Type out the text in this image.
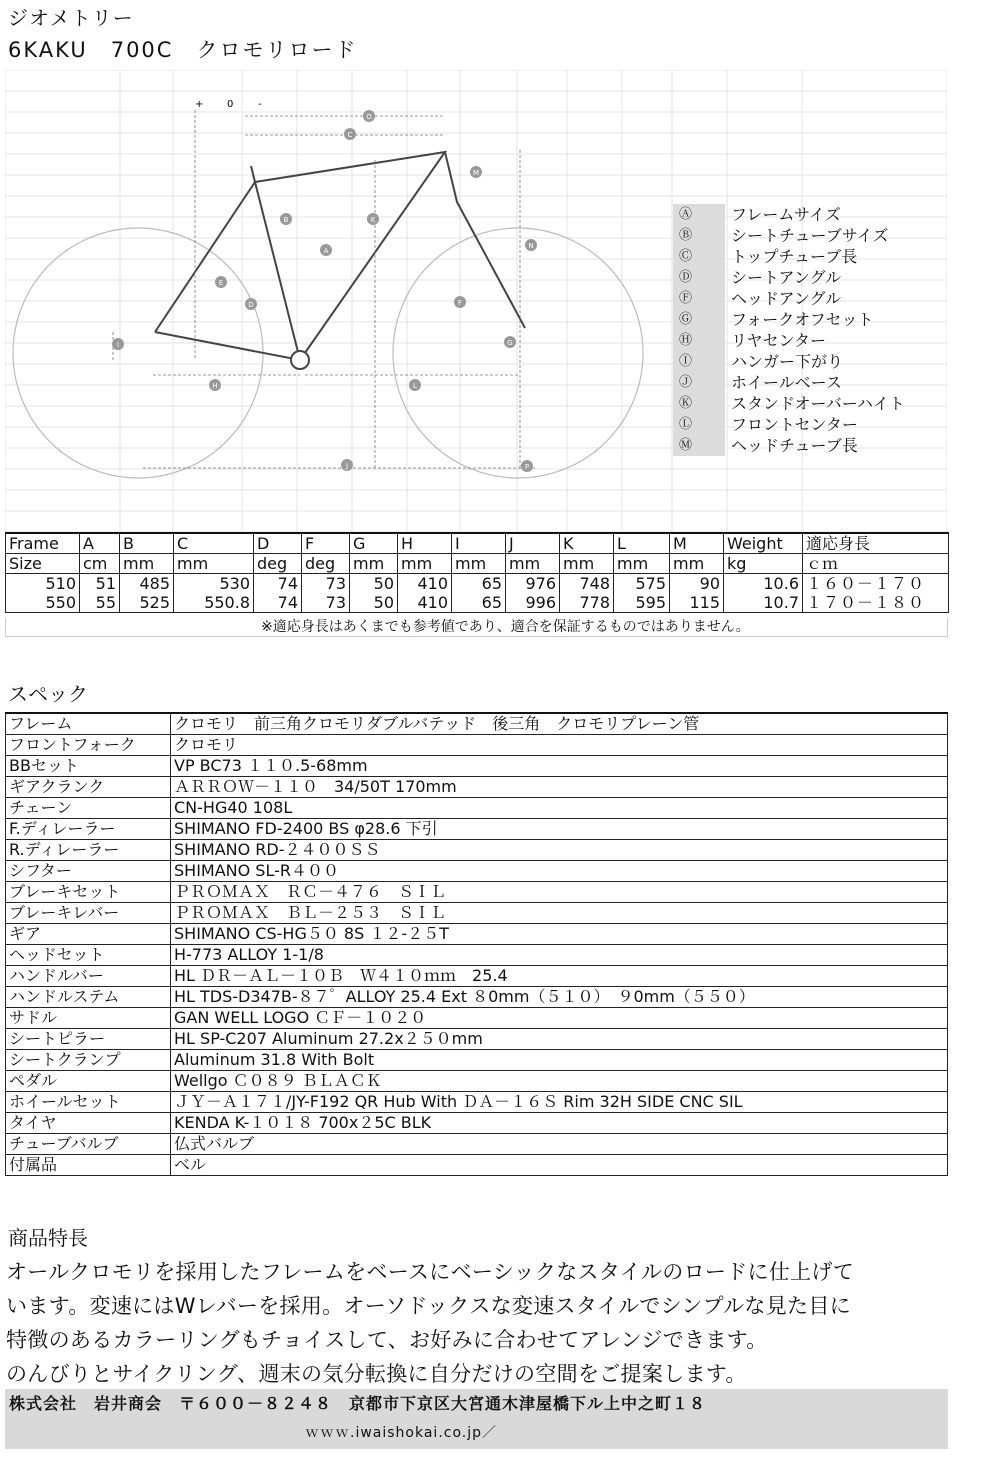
ジオメトリー
6KAKU　700C　クロモリロード
A
B
C
D
E
F
G
H
I
J
K
L
M
N
O
P
+ 0 -
Ⓐ	フレームサイズ
Ⓑ	シートチューブサイズ
Ⓒ	トップチューブ長
Ⓓ	シートアングル
Ⓕ	ヘッドアングル
Ⓖ	フォークオフセット
Ⓗ	リヤセンター
Ⓘ	ハンガー下がり
Ⓙ	ホイールベース
Ⓚ	スタンドオーバーハイト
Ⓛ	フロントセンター
Ⓜ	ヘッドチューブ長
Frame	A	B	C	D	F	G	H	I	J	K	L	M	Weight	適応身長
Size	cm	mm	mm	deg	deg	mm	mm	mm	mm	mm	mm	mm	kg	ｃｍ
510	51	485	530	74	73	50	410	65	976	748	575	90	10.6	１６０－１７０
550	55	525	550.8	74	73	50	410	65	996	778	595	115	10.7	１７０－１８０
※適応身長はあくまでも参考値であり、適合を保証するものではありません。
スペック
フレーム	クロモリ　前三角クロモリダブルバテッド　後三角　クロモリプレーン管
フロントフォーク	クロモリ
BBセット	VP BC73 １１０.5-68mm
ギアクランク	ＡＲＲＯＷ－１１０　34/50T 170mm
チェーン	CN-HG40 108L
F.ディレーラー	SHIMANO FD-2400 BS φ28.6 下引
R.ディレーラー	SHIMANO RD-２４００ＳＳ
シフター	SHIMANO SL-R４００
ブレーキセット	ＰＲＯＭＡＸ　ＲＣ－４７６　ＳＩＬ
ブレーキレバー	ＰＲＯＭＡＸ　ＢＬ－２５３　ＳＩＬ
ギア	SHIMANO CS-HG５０ 8S １２-２５T
ヘッドセット	H-773 ALLOY 1-1/8
ハンドルバー	HL ＤＲ－ＡＬ－１０Ｂ　Ｗ４１０ｍｍ　25.4
ハンドルステム	HL TDS-D347B-８７゜ALLOY 25.4 Ext ８0mm（５１０）　９0mm（５５０）
サドル	GAN WELL LOGO ＣＦ－１０２０
シートピラー	HL SP-C207 Aluminum 27.2x２５０mm
シートクランプ	Aluminum 31.8 With Bolt
ペダル	Wellgo Ｃ０８９ ＢＬＡＣＫ
ホイールセット	ＪＹ－Ａ１７１/JY-F192 QR Hub With ＤＡ－１６Ｓ Rim 32H SIDE CNC SIL
タイヤ	KENDA K-１０１８ 700x２5C BLK
チューブバルブ	仏式バルブ
付属品	ベル
商品特長
オールクロモリを採用したフレームをベースにベーシックなスタイルのロードに仕上げて
います。変速にはWレバーを採用。オーソドックスな変速スタイルでシンプルな見た目に
特徴のあるカラーリングもチョイスして、お好みに合わせてアレンジできます。
のんびりとサイクリング、週末の気分転換に自分だけの空間をご提案します。
株式会社　岩井商会　〒６００－８２４８　京都市下京区大宮通木津屋橋下ル上中之町１８
ｗｗｗ.iwaishokai.co.jp／
